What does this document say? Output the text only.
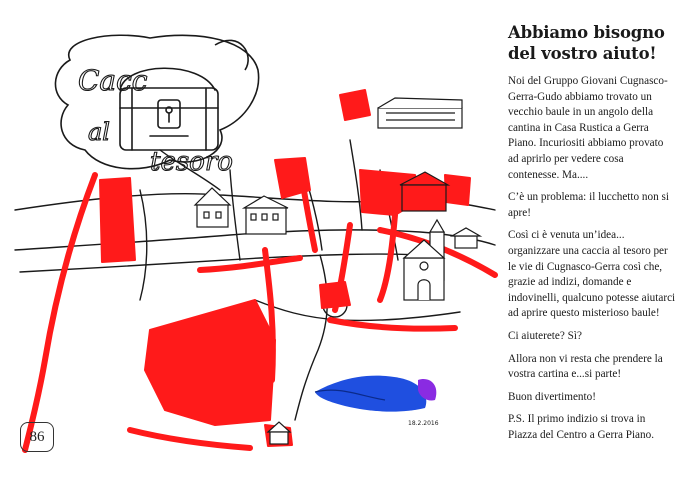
Cacc
al
tesoro
18.2.2016
86
Abbiamo bisogno del vostro aiuto!

Noi del Gruppo Giovani Cugnasco-Gerra-Gudo abbiamo trovato un vecchio baule in un angolo della cantina in Casa Rustica a Gerra Piano. Incuriositi abbiamo provato ad aprirlo per vedere cosa contenesse. Ma....

C’è un problema: il lucchetto non si apre!

Così ci è venuta un’idea... organizzare una caccia al tesoro per le vie di Cugnasco-Gerra così che, grazie ad indizi, domande e indovinelli, qualcuno potesse aiutarci ad aprire questo misterioso baule!

Ci aiuterete? Sì?

Allora non vi resta che prendere la vostra cartina e...si parte!

Buon divertimento!

P.S. Il primo indizio si trova in Piazza del Centro a Gerra Piano.
